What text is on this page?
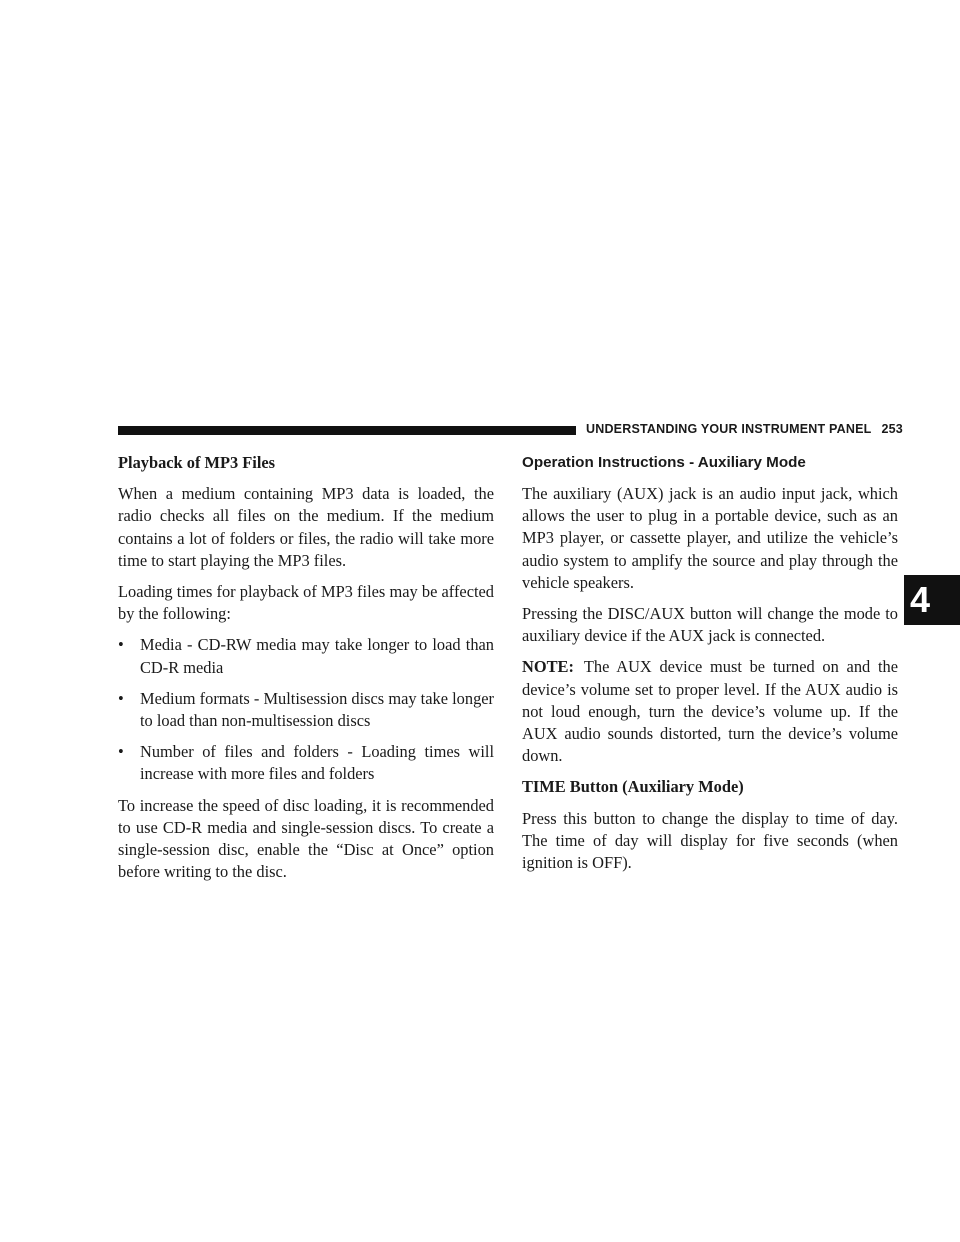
UNDERSTANDING YOUR INSTRUMENT PANEL 253
4

Playback of MP3 Files

When a medium containing MP3 data is loaded, the radio checks all files on the medium. If the medium contains a lot of folders or files, the radio will take more time to start playing the MP3 files.

Loading times for playback of MP3 files may be affected by the following:

• Media - CD-RW media may take longer to load than CD-R media
• Medium formats - Multisession discs may take longer to load than non-multisession discs
• Number of files and folders - Loading times will increase with more files and folders

To increase the speed of disc loading, it is recommended to use CD-R media and single-session discs. To create a single-session disc, enable the “Disc at Once” option before writing to the disc.

Operation Instructions - Auxiliary Mode

The auxiliary (AUX) jack is an audio input jack, which allows the user to plug in a portable device, such as an MP3 player, or cassette player, and utilize the vehicle’s audio system to amplify the source and play through the vehicle speakers.

Pressing the DISC/AUX button will change the mode to auxiliary device if the AUX jack is connected.

NOTE: The AUX device must be turned on and the device’s volume set to proper level. If the AUX audio is not loud enough, turn the device’s volume up. If the AUX audio sounds distorted, turn the device’s volume down.

TIME Button (Auxiliary Mode)

Press this button to change the display to time of day. The time of day will display for five seconds (when ignition is OFF).
